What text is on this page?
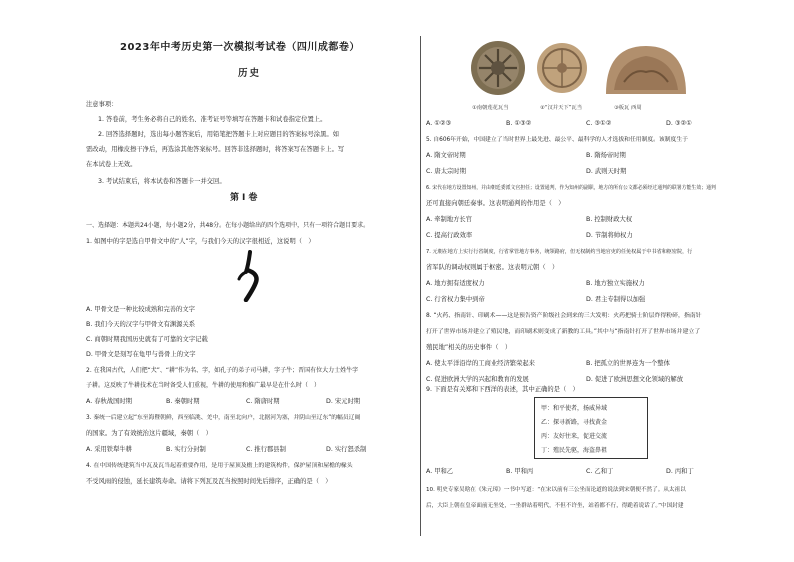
2023年中考历史第一次模拟考试卷（四川成都卷）
历史
注意事项：
1. 答卷前，考生务必将自己的姓名、准考证号等填写在答题卡和试卷指定位置上。
2. 回答选择题时，选出每小题答案后，用铅笔把答题卡上对应题目的答案标号涂黑。如
需改动，用橡皮擦干净后，再选涂其他答案标号。回答非选择题时，将答案写在答题卡上。写
在本试卷上无效。
3. 考试结束后，将本试卷和答题卡一并交回。
第Ⅰ卷
一、选择题：本题共24小题，每小题2分，共48分。在每小题给出的四个选项中，只有一项符合题目要求。
1. 如图中的字是选自甲骨文中的“人”字，与我们今天的汉字很相近，这说明（　）
A. 甲骨文是一种比较成熟和完善的文字
B. 我们今天的汉字与甲骨文有渊源关系
C. 商朝时期我国历史就有了可靠的文字记载
D. 甲骨文是刻写在龟甲与兽骨上的文字
2. 在我国古代，人们把“犬”、“耕”作为名、字，如孔子的弟子司马耕，字子牛；晋国有位大力士姓牛字
子耕。这反映了牛耕技术在当时备受人们重视，牛耕的使用和推广最早是在什么时（　）
A. 春秋战国时期	B. 秦朝时期	C. 隋唐时期	D. 宋元时期
3. 秦统一后建立起“东至海暨朝鲜，西至临洮、羌中，南至北向户，北据河为塞，并阴山至辽东”的幅员辽阔
的国家。为了有效统治这片疆域，秦朝（　）
A. 采用铁犁牛耕	B. 实行分封制	C. 推行郡县制	D. 实行怒杀制
4. 在中国传统建筑当中瓦及瓦当起着重要作用，是用于屋顶及檐上的建筑构件，保护屋顶和屋檐的椽头
不受风雨的侵蚀，延长建筑寿命。请将下列瓦及瓦当按照时间先后排序，正确的是（　）
①南朝莲花瓦当	②“汉并天下”瓦当	③板瓦 西周
A. ①②③	B. ①③②	C. ③①②	D. ③②①
5. 自606年开始，中国建立了当时世界上最先进、最公平、最科学的人才选拔和任用制度。该制度生于
A. 隋文帝时期	B. 隋炀帝时期
C. 唐太宗时期	D. 武则天时期
6. 宋代在地方设置知州，并由朝廷委派文官担任；设置通判，作为知州的副职，地方的所有公文都必须经过通判的联署方能生效；通判
还可直接向朝廷奏事。这表明通判的作用是（　）
A. 牵制地方长官	B. 控制财政大权
C. 提高行政效率	D. 节制将帅权力
7. 元朝在地方上实行行省制度，行省掌管地方事务，统领路府，但无权制约当地官吏的任免权属于中书省和枢密院，行
省军队的调动权则属于枢密。这表明元朝（　）
A. 地方拥有适度权力	B. 地方独立实施权力
C. 行省权力集中到帝	D. 君主专制得以加强
8. “火药、指南针、印刷术——这是预告资产阶级社会到来的三大发明：火药把骑士阶层炸得粉碎，指南针
打开了世界市场并建立了殖民地，而印刷术则变成了新教的工具。”其中与“指南针打开了世界市场并建立了
殖民地”相关的历史事件（　）
A. 使太平洋沿岸的工商业经济繁荣起来	B. 把孤立的世界连为一个整体
C. 促进欧洲大学的兴起和教育的发展	D. 促进了欧洲思想文化领域的解放
9. 下面是有关郑和下西洋的表述，其中正确的是（　）
甲：和平使者，扬威异域
乙：探寻新路，寻找黄金
丙：友好往来，促进交流
丁：殖民先驱，海盗鼻祖
A. 甲和乙	B. 甲和丙	C. 乙和丁	D. 丙和丁
10. 明史专家吴晗在《朱元璋》一书中写道：“在宋以前有三公坐而论道的说法到宋朝便不然了。从太祖以
后，大臣上朝在皇帝面前无坐处，一坐群站着明代，不但不许坐，站着都不行，得跪着说话了。”中国封建
